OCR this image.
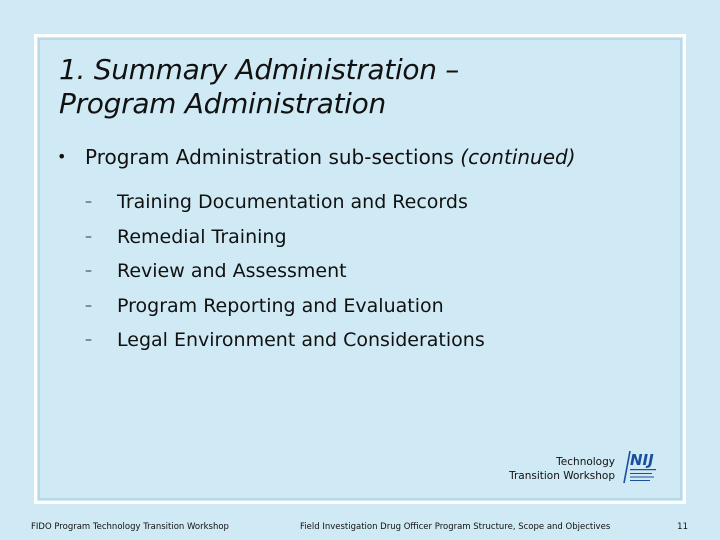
1. Summary Administration –
Program Administration
• Program Administration sub-sections (continued)
– Training Documentation and Records
– Remedial Training
– Review and Assessment
– Program Reporting and Evaluation
– Legal Environment and Considerations
Technology
Transition Workshop
NIJ
FIDO Program Technology Transition Workshop	Field Investigation Drug Officer Program Structure, Scope and Objectives	11
